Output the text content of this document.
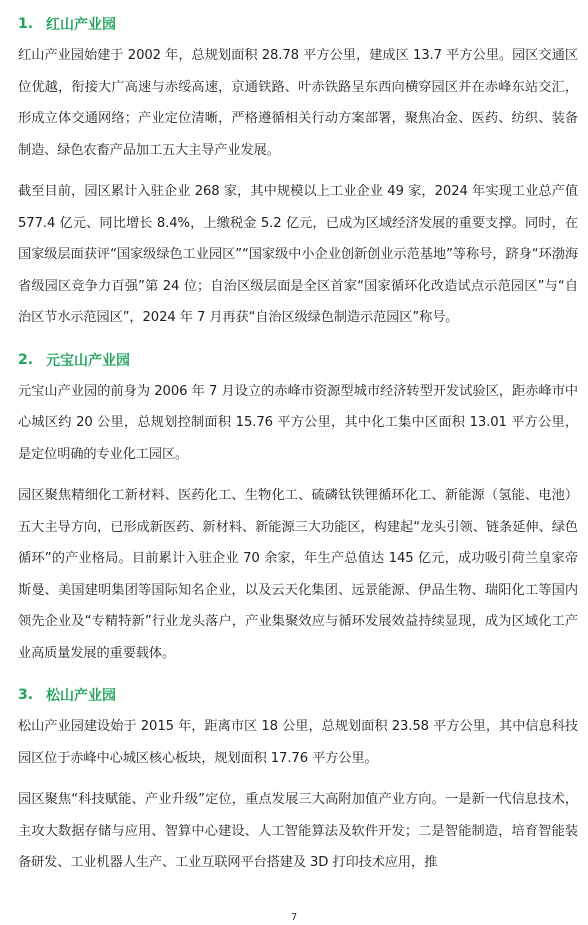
1. 红山产业园

红山产业园始建于 2002 年，总规划面积 28.78 平方公里，建成区 13.7 平方公里。园区交通区位优越，衔接大广高速与赤绥高速，京通铁路、叶赤铁路呈东西向横穿园区并在赤峰东站交汇，形成立体交通网络；产业定位清晰，严格遵循相关行动方案部署，聚焦冶金、医药、纺织、装备制造、绿色农畜产品加工五大主导产业发展。

截至目前，园区累计入驻企业 268 家，其中规模以上工业企业 49 家，2024 年实现工业总产值 577.4 亿元、同比增长 8.4%，上缴税金 5.2 亿元，已成为区域经济发展的重要支撑。同时，在国家级层面获评“国家级绿色工业园区”“国家级中小企业创新创业示范基地”等称号，跻身“环渤海省级园区竞争力百强”第 24 位；自治区级层面是全区首家“国家循环化改造试点示范园区”与“自治区节水示范园区”，2024 年 7 月再获“自治区级绿色制造示范园区”称号。

2. 元宝山产业园

元宝山产业园的前身为 2006 年 7 月设立的赤峰市资源型城市经济转型开发试验区，距赤峰市中心城区约 20 公里，总规划控制面积 15.76 平方公里，其中化工集中区面积 13.01 平方公里，是定位明确的专业化工园区。

园区聚焦精细化工新材料、医药化工、生物化工、硫磷钛铁锂循环化工、新能源（氢能、电池）五大主导方向，已形成新医药、新材料、新能源三大功能区，构建起“龙头引领、链条延伸、绿色循环”的产业格局。目前累计入驻企业 70 余家，年生产总值达 145 亿元，成功吸引荷兰皇家帝斯曼、美国建明集团等国际知名企业，以及云天化集团、远景能源、伊品生物、瑞阳化工等国内领先企业及“专精特新”行业龙头落户，产业集聚效应与循环发展效益持续显现，成为区域化工产业高质量发展的重要载体。

3. 松山产业园

松山产业园建设始于 2015 年，距离市区 18 公里，总规划面积 23.58 平方公里，其中信息科技园区位于赤峰中心城区核心板块，规划面积 17.76 平方公里。

园区聚焦“科技赋能、产业升级”定位，重点发展三大高附加值产业方向。一是新一代信息技术，主攻大数据存储与应用、智算中心建设、人工智能算法及软件开发；二是智能制造，培育智能装备研发、工业机器人生产、工业互联网平台搭建及 3D 打印技术应用，推

7
